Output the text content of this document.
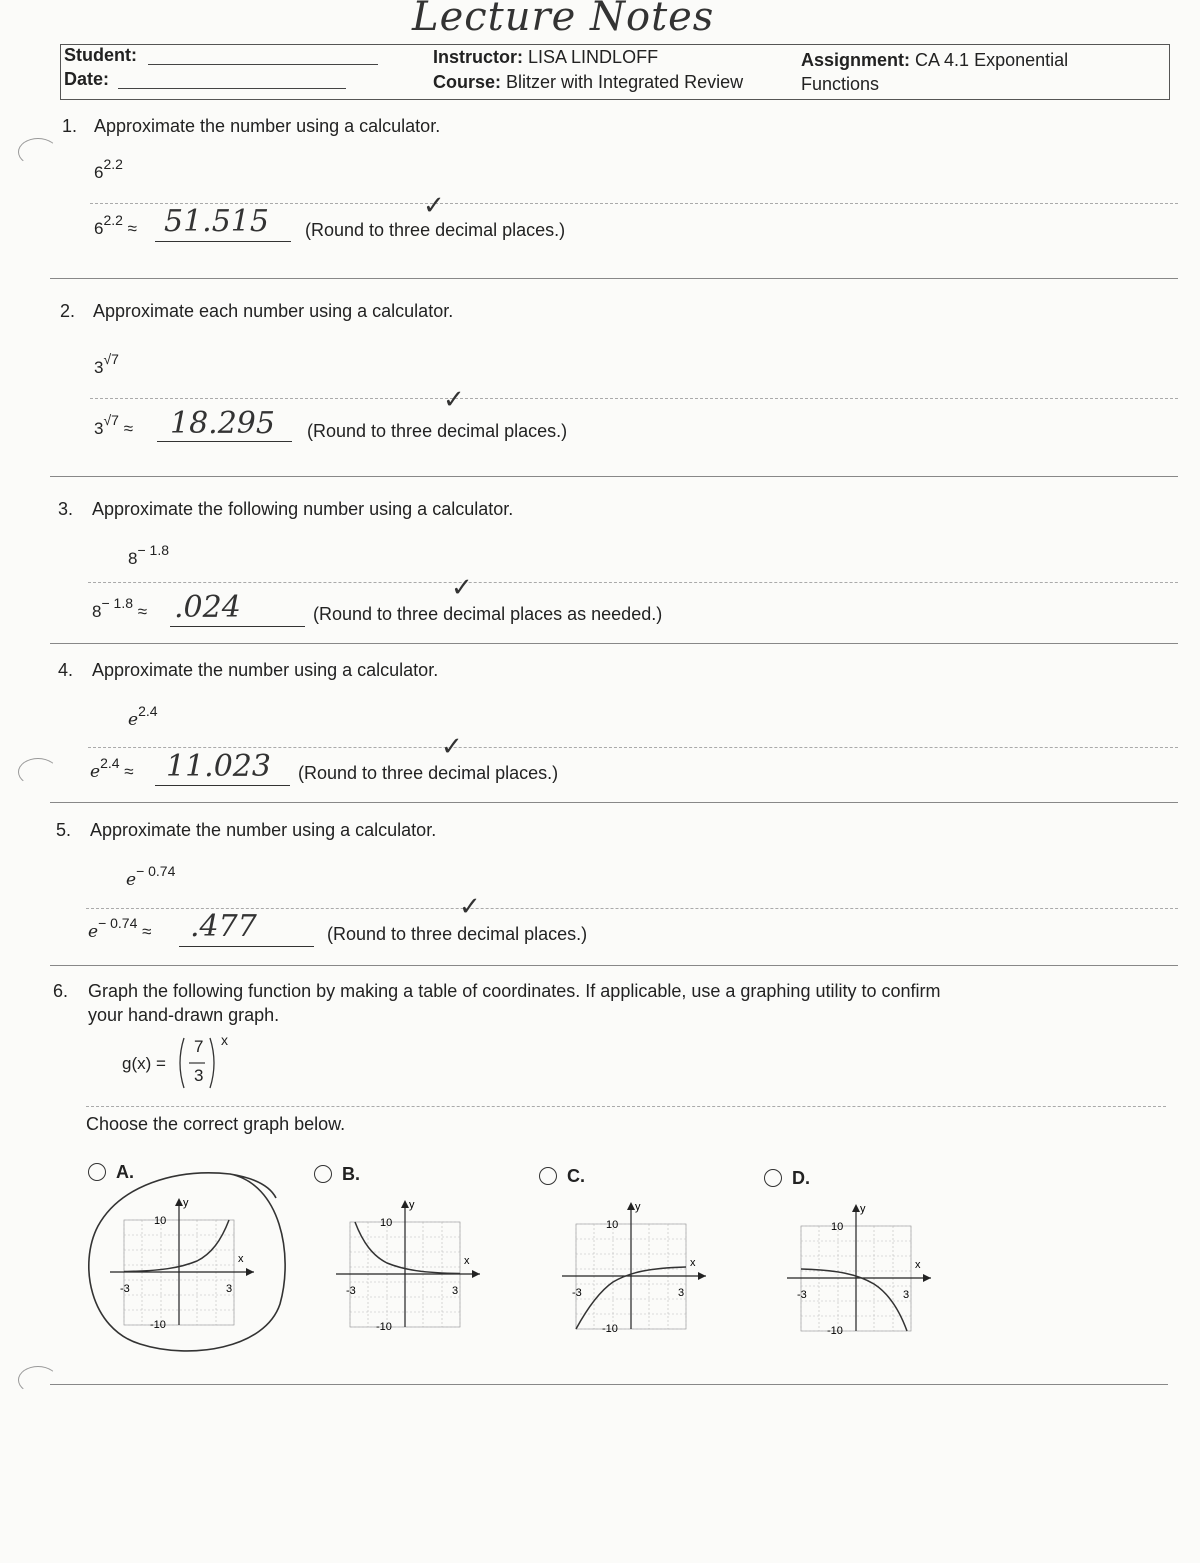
Lecture Notes
Student:
Date:
Instructor: LISA LINDLOFF
Course: Blitzer with Integrated Review
Assignment: CA 4.1 Exponential
Functions
1. Approximate the number using a calculator.
$6^{2.2}$
$6^{2.2} \approx 51.515$ (Round to three decimal places.)
✓
2. Approximate each number using a calculator.
$3^{√7}$
$3^{√7} \approx 18.295$ (Round to three decimal places.)
✓
3. Approximate the following number using a calculator.
$8^{- 1.8}$
$8^{- 1.8} \approx .024$	(Round to three decimal places as needed.)
✓
4. Approximate the number using a calculator.
$e^{2.4}$
$e^{2.4} \approx 11.023$ (Round to three decimal places.)
✓
5. Approximate the number using a calculator.
$e^{- 0.74}$
$e^{- 0.74} \approx .477$	(Round to three decimal places.)
✓
6. Graph the following function by making a table of coordinates. If applicable, use a graphing utility to confirm
your hand-drawn graph.
g(x) =
7
3
x
Choose the correct graph below.
A.	B.	C.	D.
y
x
10
-10
-3	3
y
x
10
-10
-3	3
y
x
10
-10
-3	3
y
x
10
-10
-3	3
